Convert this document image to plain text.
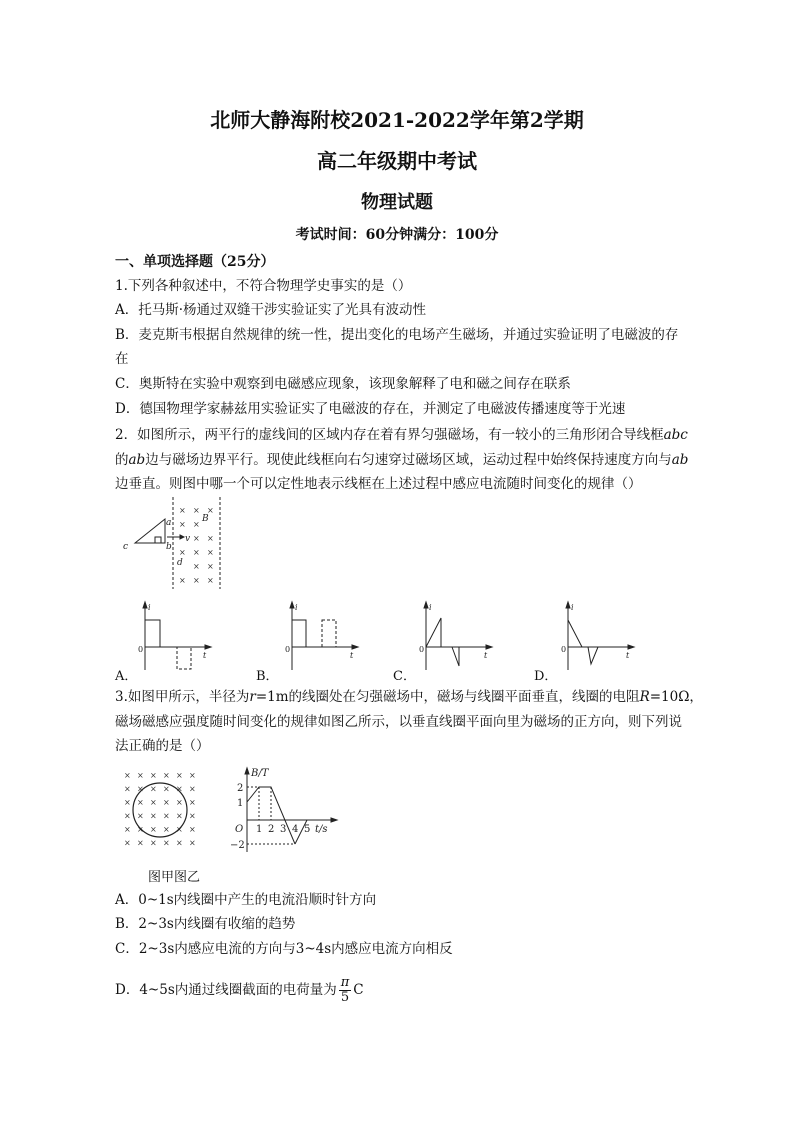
北师大静海附校2021-2022学年第2学期
高二年级期中考试
物理试题
考试时间：60分钟满分：100分
一、单项选择题（25分）
1.下列各种叙述中，不符合物理学史事实的是（）
A．托马斯·杨通过双缝干涉实验证实了光具有波动性
B．麦克斯韦根据自然规律的统一性，提出变化的电场产生磁场，并通过实验证明了电磁波的存
在
C．奥斯特在实验中观察到电磁感应现象，该现象解释了电和磁之间存在联系
D．德国物理学家赫兹用实验证实了电磁波的存在，并测定了电磁波传播速度等于光速
2．如图所示，两平行的虚线间的区域内存在着有界匀强磁场，有一较小的三角形闭合导线框abc
的ab边与磁场边界平行。现使此线框向右匀速穿过磁场区域，运动过程中始终保持速度方向与ab
边垂直。则图中哪一个可以定性地表示线框在上述过程中感应电流随时间变化的规律（）
a
b
c
d
B
v
× × ×
× ×
× × ×
× ×
× ×
× × ×
i
t
0
i
t
0
i
t
0
i
t
0
A．	B．	C．	D．
3.如图甲所示，半径为r=1m的线圈处在匀强磁场中，磁场与线圈平面垂直，线圈的电阻R=10Ω，
磁场磁感应强度随时间变化的规律如图乙所示，以垂直线圈平面向里为磁场的正方向，则下列说
法正确的是（）
× × × × × ×
× × × × × ×
× × × × × ×
× × × × × ×
× × × × × ×
× × × × × ×
B/T
t/s
O
2
1
−2
1 2 3 4 5
图甲图乙
A．0~1s内线圈中产生的电流沿顺时针方向
B．2~3s内线圈有收缩的趋势
C．2~3s内感应电流的方向与3~4s内感应电流方向相反
D．4~5s内通过线圈截面的电荷量为 $\frac{\pi}{5}$ C
